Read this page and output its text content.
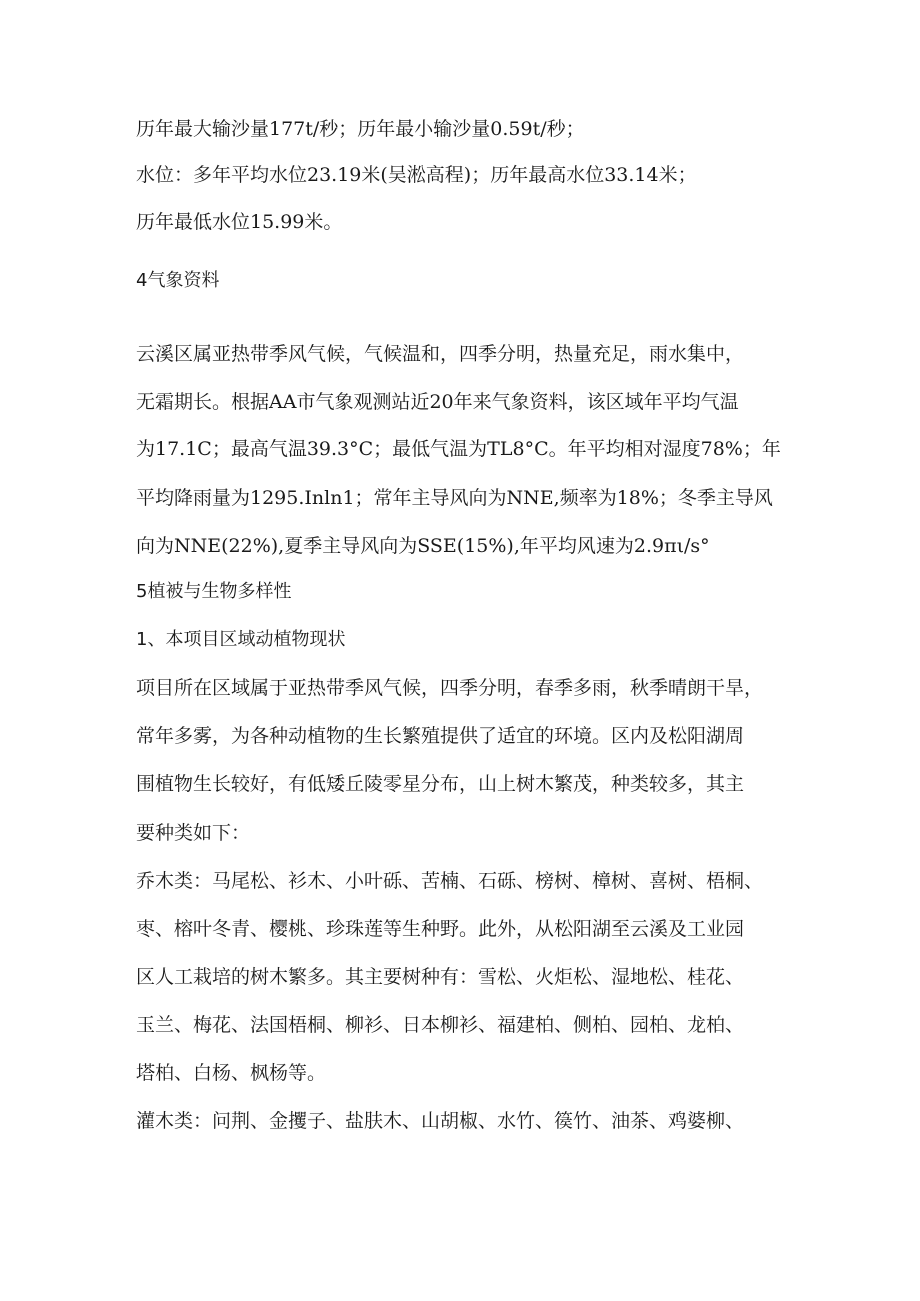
历年最大输沙量177t/秒；历年最小输沙量0.59t/秒；
水位：多年平均水位23.19米(吴淞高程)；历年最高水位33.14米；
历年最低水位15.99米。
4气象资料
云溪区属亚热带季风气候，气候温和，四季分明，热量充足，雨水集中，
无霜期长。根据AA市气象观测站近20年来气象资料，该区域年平均气温
为17.1C；最高气温39.3°C；最低气温为TL8°C。年平均相对湿度78%；年
平均降雨量为1295.Inln1；常年主导风向为NNE,频率为18%；冬季主导风
向为NNE(22%),夏季主导风向为SSE(15%),年平均风速为2.9πι∕s°
5植被与生物多样性
1、本项目区域动植物现状
项目所在区域属于亚热带季风气候，四季分明，春季多雨，秋季晴朗干旱，
常年多雾，为各种动植物的生长繁殖提供了适宜的环境。区内及松阳湖周
围植物生长较好，有低矮丘陵零星分布，山上树木繁茂，种类较多，其主
要种类如下：
乔木类：马尾松、衫木、小叶砾、苦楠、石砾、榜树、樟树、喜树、梧桐、
枣、榕叶冬青、樱桃、珍珠莲等生种野。此外，从松阳湖至云溪及工业园
区人工栽培的树木繁多。其主要树种有：雪松、火炬松、湿地松、桂花、
玉兰、梅花、法国梧桐、柳衫、日本柳衫、福建柏、侧柏、园柏、龙柏、
塔柏、白杨、枫杨等。
灌木类：问荆、金攫子、盐肤木、山胡椒、水竹、篌竹、油茶、鸡婆柳、
